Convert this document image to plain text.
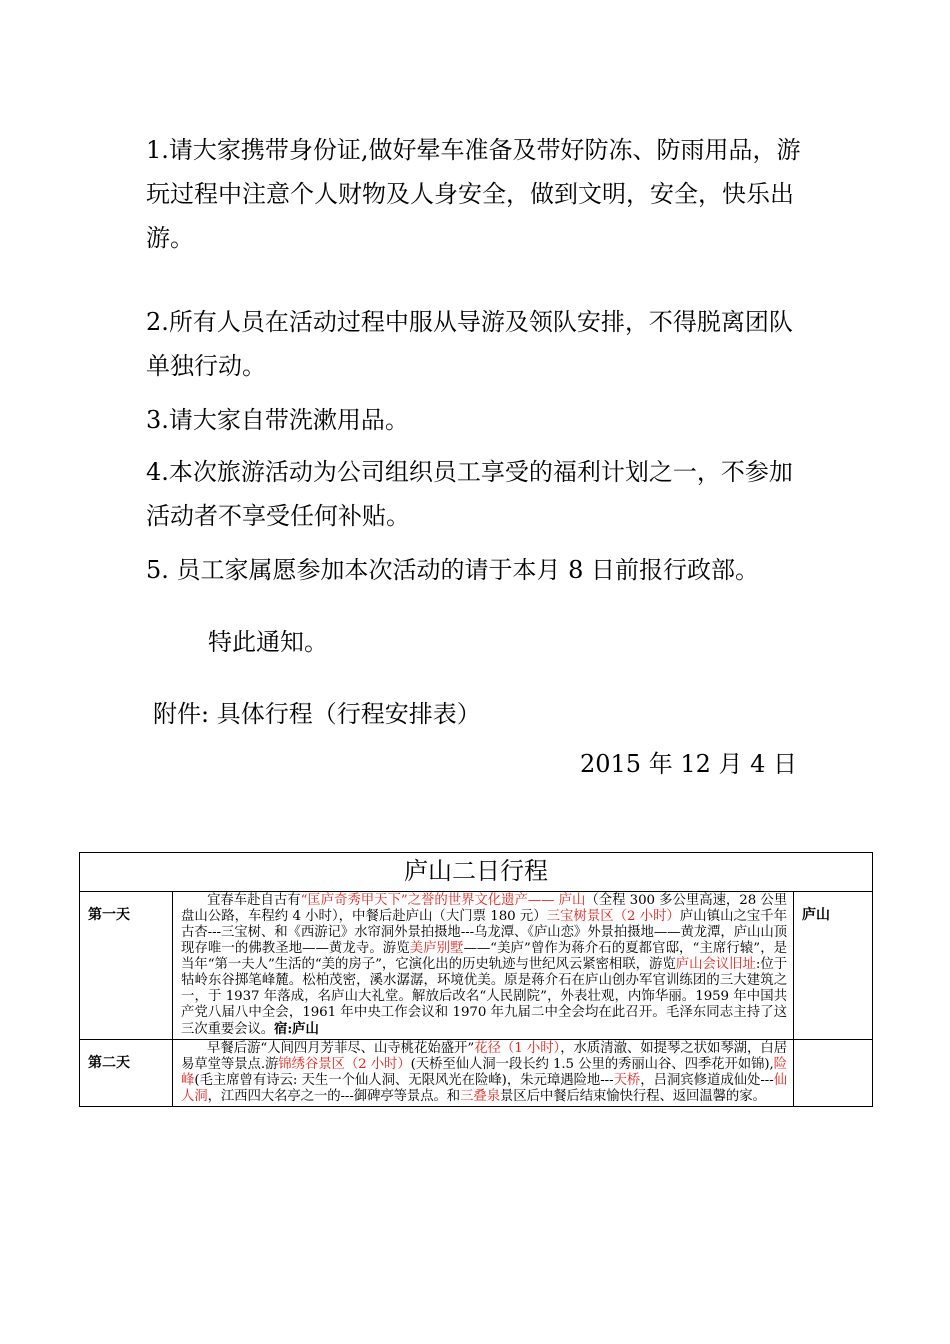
1.请大家携带身份证,做好晕车准备及带好防冻、防雨用品，游玩过程中注意个人财物及人身安全，做到文明，安全，快乐出游。

2.所有人员在活动过程中服从导游及领队安排，不得脱离团队单独行动。

3.请大家自带洗漱用品。

4.本次旅游活动为公司组织员工享受的福利计划之一，不参加活动者不享受任何补贴。

5. 员工家属愿参加本次活动的请于本月 8 日前报行政部。

特此通知。
附件: 具体行程（行程安排表）
2015 年 12 月 4 日
庐山二日行程		
第一天	宜春车赴自古有“匡庐奇秀甲天下”之誉的世界文化遗产—— 庐山（全程 300 多公里高速，28 公里盘山公路，车程约 4 小时），中餐后赴庐山（大门票 180 元）三宝树景区（2 小时）庐山镇山之宝千年古杏---三宝树、和《西游记》水帘洞外景拍摄地---乌龙潭、《庐山恋》外景拍摄地——黄龙潭，庐山山顶现存唯一的佛教圣地——黄龙寺。游览美庐别墅——“美庐”曾作为蒋介石的夏都官邸，“主席行辕”，是当年“第一夫人”生活的“美的房子”，它演化出的历史轨迹与世纪风云紧密相联，游览庐山会议旧址:位于牯岭东谷掷笔峰麓。松柏茂密，溪水潺潺，环境优美。原是蒋介石在庐山创办军官训练团的三大建筑之一，于 1937 年落成，名庐山大礼堂。解放后改名“人民剧院”，外表壮观，内饰华丽。1959 年中国共产党八届八中全会，1961 年中央工作会议和 1970 年九届二中全会均在此召开。毛泽东同志主持了这三次重要会议。宿:庐山	庐山
第二天	早餐后游“人间四月芳菲尽、山寺桃花始盛开”花径（1 小时），水质清澈、如提琴之状如琴湖，白居易草堂等景点.游锦绣谷景区（2 小时）(天桥至仙人洞一段长约 1.5 公里的秀丽山谷、四季花开如锦),险峰(毛主席曾有诗云: 天生一个仙人洞、无限风光在险峰)，朱元璋遇险地---天桥，吕洞宾修道成仙处---仙人洞，江西四大名亭之一的---御碑亭等景点。和三叠泉景区后中餐后结束愉快行程、返回温馨的家。	
